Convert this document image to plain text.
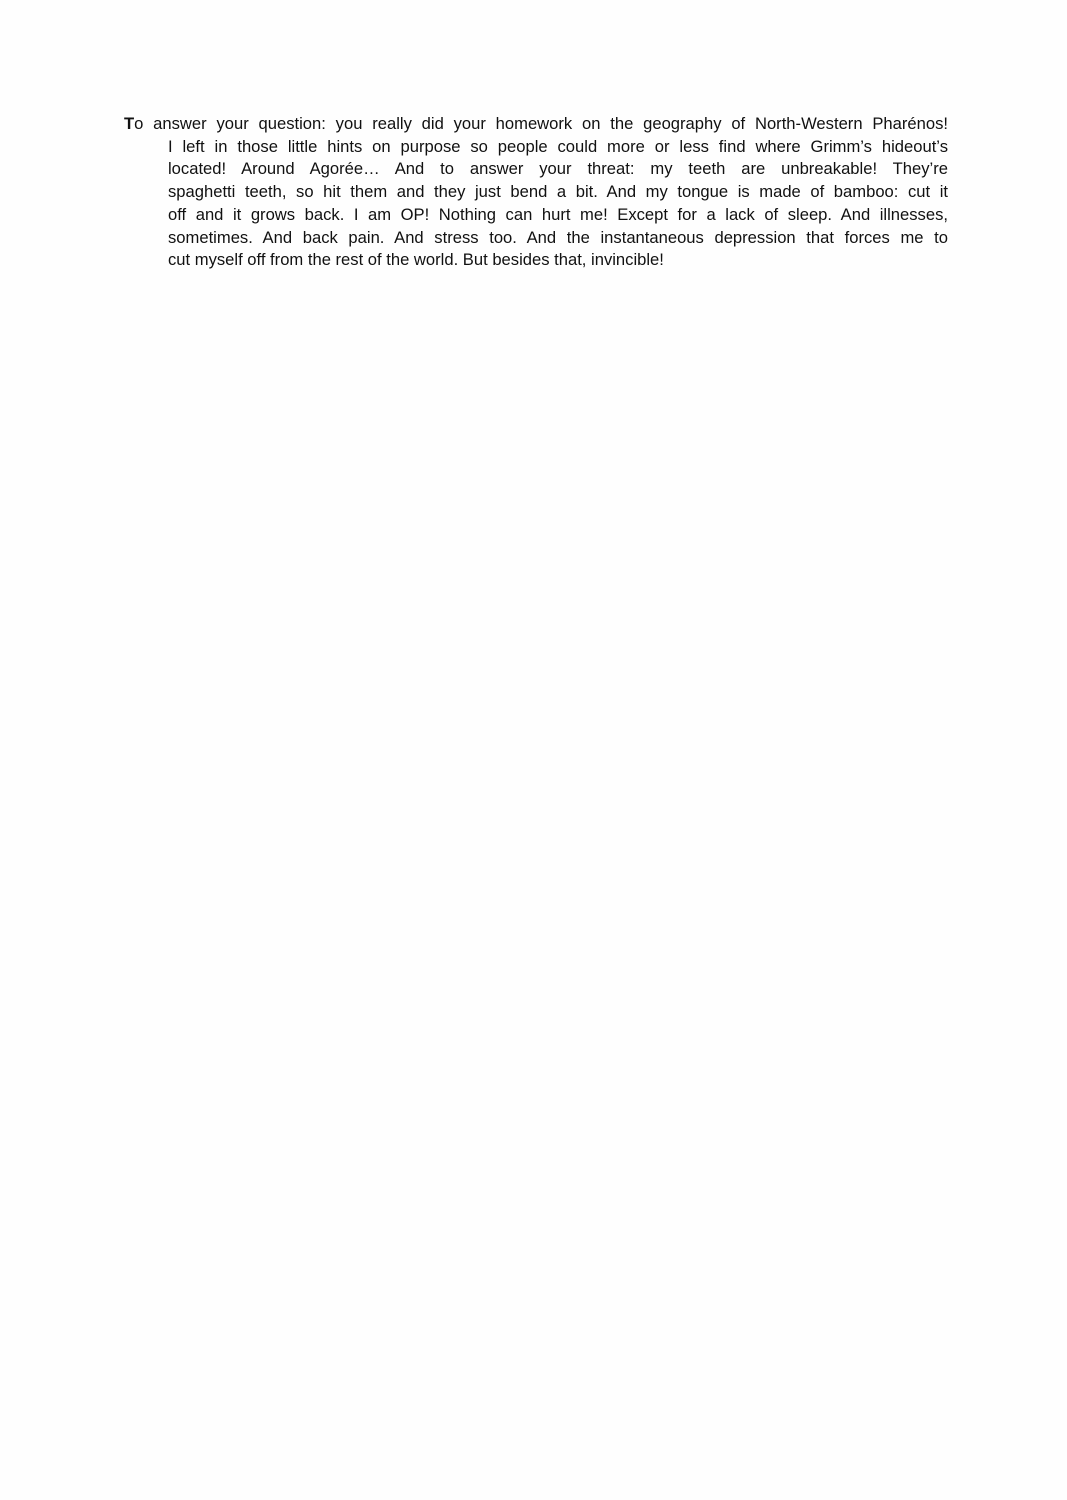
To answer your question: you really did your homework on the geography of North-Western Pharénos!
I left in those little hints on purpose so people could more or less find where Grimm’s hideout’s
located! Around Agorée… And to answer your threat: my teeth are unbreakable! They’re
spaghetti teeth, so hit them and they just bend a bit. And my tongue is made of bamboo: cut it
off and it grows back. I am OP! Nothing can hurt me! Except for a lack of sleep. And illnesses,
sometimes. And back pain. And stress too. And the instantaneous depression that forces me to
cut myself off from the rest of the world. But besides that, invincible!
